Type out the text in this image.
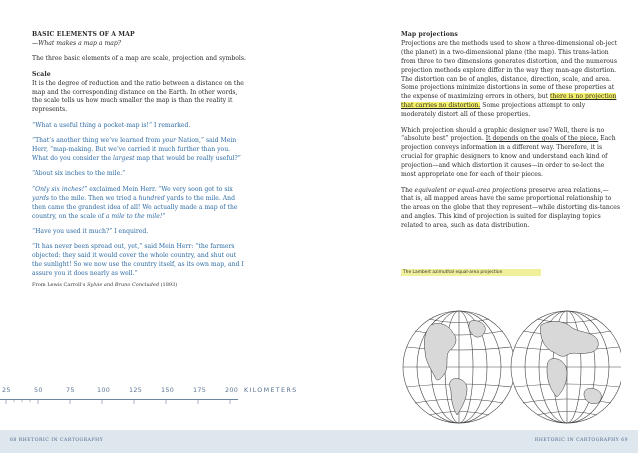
BASIC ELEMENTS OF A MAP

—What makes a map a map?

The three basic elements of a map are scale, projection and symbols.

Scale

It is the degree of reduction and the ratio between a distance on the map and the corresponding distance on the Earth. In other words, the scale tells us how much smaller the map is than the reality it represents.

“What a useful thing a pocket-map is!” I remarked.

“That’s another thing we’ve learned from your Nation,” said Mein Herr, “map-making. But we’ve carried it much further than you. What do you consider the largest map that would be really useful?”

“About six inches to the mile.”

“Only six inches!” exclaimed Mein Herr. “We very soon got to six yards to the mile. Then we tried a hundred yards to the mile. And then came the grandest idea of all! We actually made a map of the country, on the scale of a mile to the mile!”

“Have you used it much?” I enquired.

“It has never been spread out, yet,” said Mein Herr: “the farmers objected: they said it would cover the whole country, and shut out the sunlight! So we now use the country itself, as its own map, and I assure you it does nearly as well.”

From Lewis Carroll’s Sylvie and Bruno Concluded (1893)

25	50	75	100	125	150	175	200 KILOMETERS

Map projections

Projections are the methods used to show a three-dimensional ob-ject (the planet) in a two-dimensional plane (the map). This trans-lation from three to two dimensions generates distortion, and the numerous projection methods explore differ in the way they man-age distortion. The distortion can be of angles, distance, direction, scale, and area. Some projections minimize distortions in some of these properties at the expense of maximizing errors in others, but there is no projection that carries no distortion. Some projections attempt to only moderately distort all of these properties.

Which projection should a graphic designer use? Well, there is no “absolute best” projection. It depends on the goals of the piece. Each projection conveys information in a different way. Therefore, it is crucial for graphic designers to know and understand each kind of projection—and which distortion it causes—in order to se-lect the most appropriate one for each of their pieces.

The equivalent or equal-area projections preserve area relations,—that is, all mapped areas have the same proportional relationship to the areas on the globe that they represent—while distorting dis-tances and angles. This kind of projection is suited for displaying topics related to area, such as data distribution.

The Lambert azimuthal equal-area projection
68 RHETORIC IN CARTOGRAPHY	RHETORIC IN CARTOGRAPHY 69
